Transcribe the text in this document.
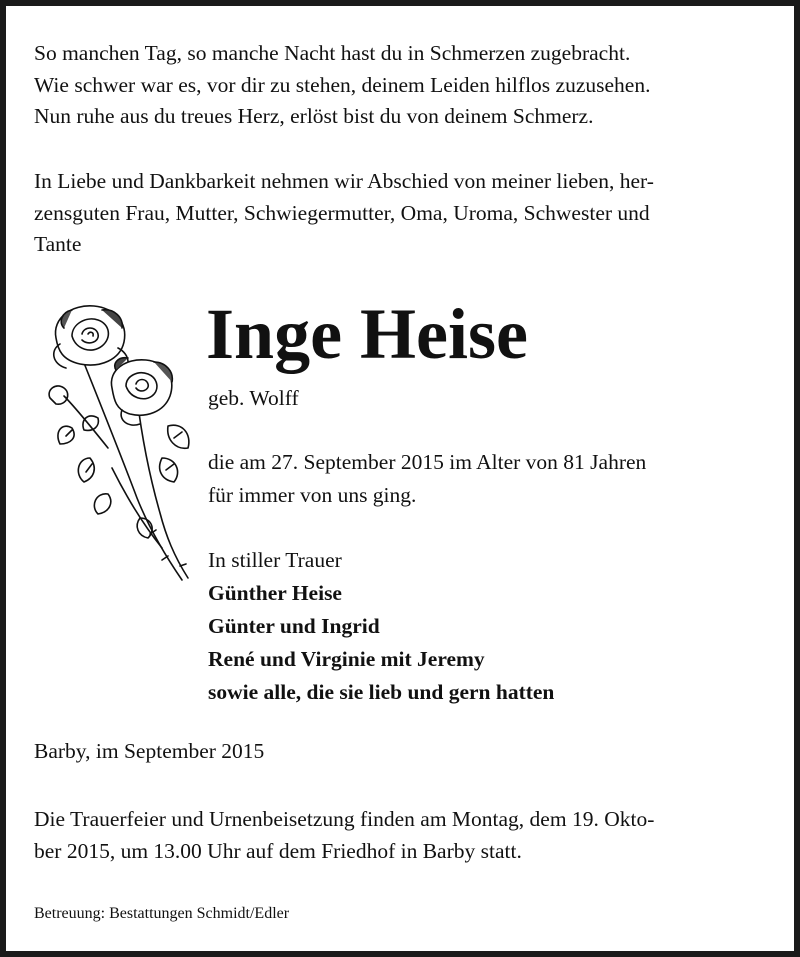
So manchen Tag, so manche Nacht hast du in Schmerzen zugebracht.
Wie schwer war es, vor dir zu stehen, deinem Leiden hilflos zuzusehen.
Nun ruhe aus du treues Herz, erlöst bist du von deinem Schmerz.
In Liebe und Dankbarkeit nehmen wir Abschied von meiner lieben, her-
zensguten Frau, Mutter, Schwiegermutter, Oma, Uroma, Schwester und
Tante
Inge Heise
geb. Wolff
die am 27. September 2015 im Alter von 81 Jahren
für immer von uns ging.
In stiller Trauer
Günther Heise
Günter und Ingrid
René und Virginie mit Jeremy
sowie alle, die sie lieb und gern hatten
Barby, im September 2015
Die Trauerfeier und Urnenbeisetzung finden am Montag, dem 19. Okto-
ber 2015, um 13.00 Uhr auf dem Friedhof in Barby statt.
Betreuung: Bestattungen Schmidt/Edler
